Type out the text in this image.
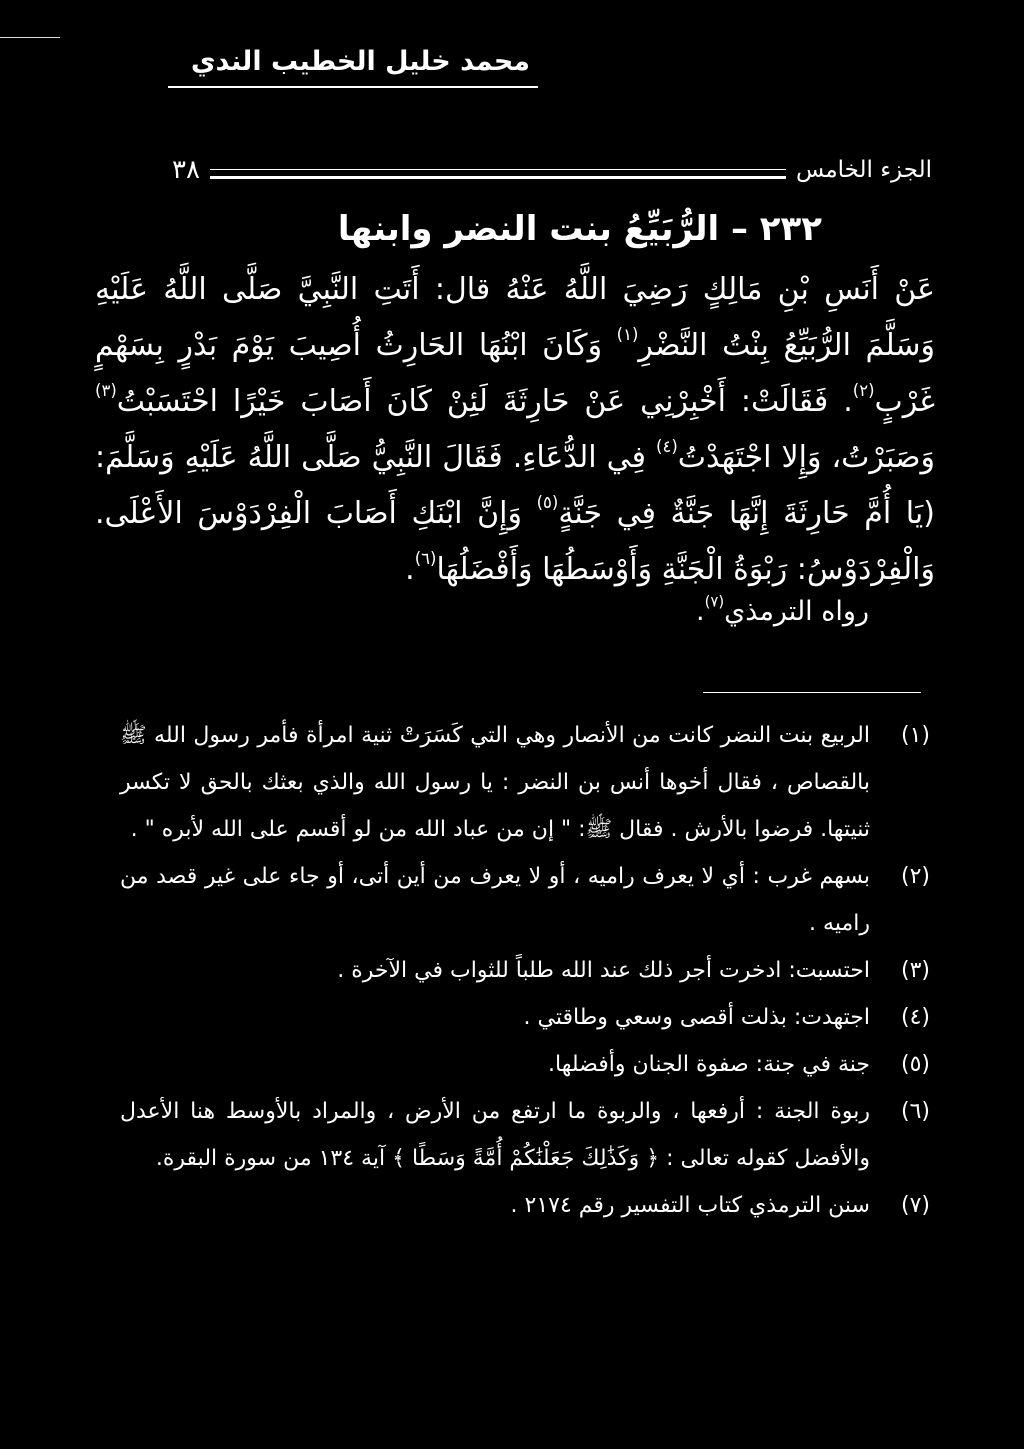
محمد خليل الخطيب الندي
الجزء الخامس
٣٨
٢٣٢ – الرُّبَيِّعُ بنت النضر وابنها
عَنْ أَنَسِ بْنِ مَالِكٍ رَضِيَ اللَّهُ عَنْهُ قال: أَتَتِ النَّبِيَّ صَلَّى اللَّهُ عَلَيْهِ وَسَلَّمَ الرُّبَيِّعُ بِنْتُ النَّضْرِ$^{(١)}$ وَكَانَ ابْنُهَا الحَارِثُ أُصِيبَ يَوْمَ بَدْرٍ بِسَهْمٍ غَرْبٍ$^{(٢)}$. فَقَالَتْ: أَخْبِرْنِي عَنْ حَارِثَةَ لَئِنْ كَانَ أَصَابَ خَيْرًا احْتَسَبْتُ$^{(٣)}$ وَصَبَرْتُ، وَإِلا اجْتَهَدْتُ$^{(٤)}$ فِي الدُّعَاءِ. فَقَالَ النَّبِيُّ صَلَّى اللَّهُ عَلَيْهِ وَسَلَّمَ: (يَا أُمَّ حَارِثَةَ إِنَّهَا جَنَّةٌ فِي جَنَّةٍ$^{(٥)}$ وَإِنَّ ابْنَكِ أَصَابَ الْفِرْدَوْسَ الأَعْلَى. وَالْفِرْدَوْسُ: رَبْوَةُ الْجَنَّةِ وَأَوْسَطُهَا وَأَفْضَلُهَا$^{(٦)}$.
رواه الترمذي$^{(٧)}$.
(١)
الربيع بنت النضر كانت من الأنصار وهي التي كَسَرَتْ ثنية امرأة فأمر رسول الله ﷺ بالقصاص ، فقال أخوها أنس بن النضر : يا رسول الله والذي بعثك بالحق لا تكسر ثنيتها. فرضوا بالأرش . فقال ﷺ: " إن من عباد الله من لو أقسم على الله لأبره " .
(٢)
بسهم غرب : أي لا يعرف راميه ، أو لا يعرف من أين أتى، أو جاء على غير قصد من راميه .
(٣)
احتسبت: ادخرت أجر ذلك عند الله طلباً للثواب في الآخرة .
(٤)
اجتهدت: بذلت أقصى وسعي وطاقتي .
(٥)
جنة في جنة: صفوة الجنان وأفضلها.
(٦)
ربوة الجنة : أرفعها ، والربوة ما ارتفع من الأرض ، والمراد بالأوسط هنا الأعدل والأفضل كقوله تعالى : ﴿ وَكَذَٰلِكَ جَعَلْنَٰكُمْ أُمَّةً وَسَطًا ﴾ آية ١٣٤ من سورة البقرة.
(٧)
سنن الترمذي كتاب التفسير رقم ٢١٧٤ .
